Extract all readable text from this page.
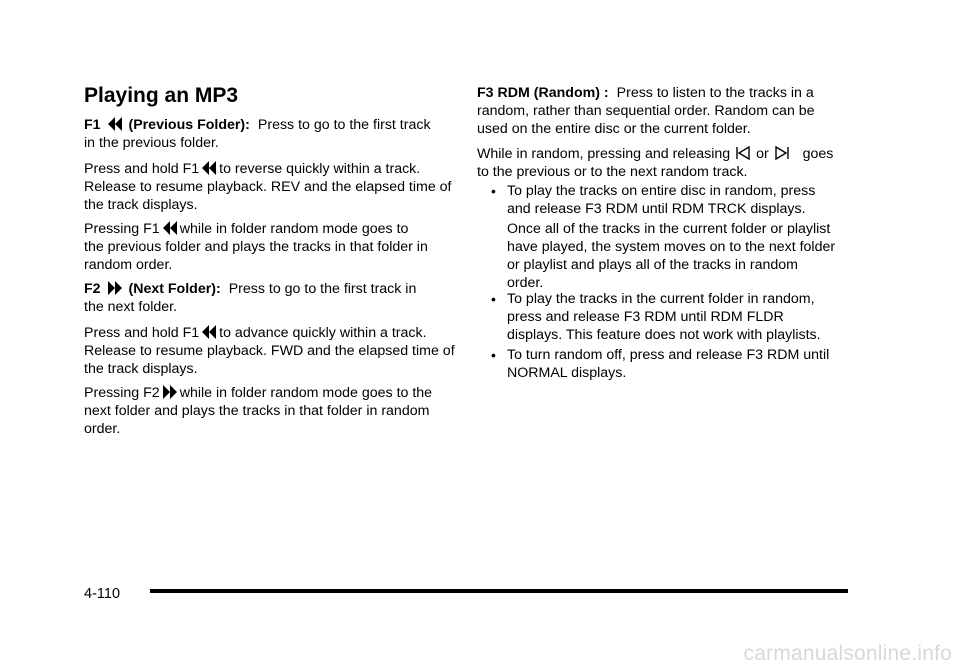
Playing an MP3

F1 (Previous Folder): Press to go to the first track
in the previous folder.

Press and hold F1 to reverse quickly within a track.
Release to resume playback. REV and the elapsed time of the track displays.

Pressing F1 while in folder random mode goes to
the previous folder and plays the tracks in that folder in random order.

F2 (Next Folder): Press to go to the first track in
the next folder.

Press and hold F1 to advance quickly within a track.
Release to resume playback. FWD and the elapsed time of the track displays.

Pressing F2 while in folder random mode goes to the
next folder and plays the tracks in that folder in random order.

F3 RDM (Random) : Press to listen to the tracks in a
random, rather than sequential order. Random can be used on the entire disc or the current folder.

While in random, pressing and releasing or goes
to the previous or to the next random track.

• To play the tracks on entire disc in random, press and release F3 RDM until RDM TRCK displays.

Once all of the tracks in the current folder or playlist have played, the system moves on to the next folder or playlist and plays all of the tracks in random order.

• To play the tracks in the current folder in random, press and release F3 RDM until RDM FLDR displays. This feature does not work with playlists.

• To turn random off, press and release F3 RDM until NORMAL displays.

4-110
carmanualsonline.info
